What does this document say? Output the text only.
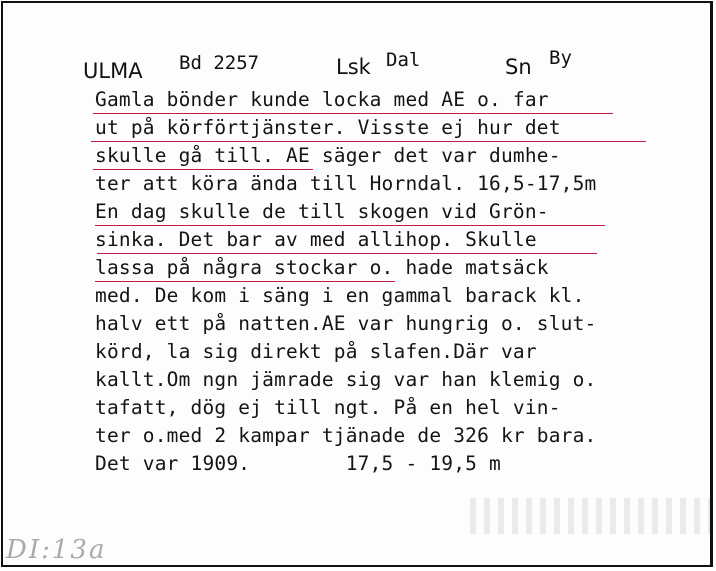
ULMA Bd 2257	Lsk Dal	Sn By
Gamla bönder kunde locka med AE o. far
ut på körförtjänster. Visste ej hur det
skulle gå till. AE säger det var dumhe-
ter att köra ända till Horndal. 16,5-17,5m
En dag skulle de till skogen vid Grön-
sinka. Det bar av med allihop. Skulle
lassa på några stockar o. hade matsäck
med. De kom i säng i en gammal barack kl.
halv ett på natten.AE var hungrig o. slut-
körd, la sig direkt på slafen.Där var
kallt.Om ngn jämrade sig var han klemig o.
tafatt, dög ej till ngt. På en hel vin-
ter o.med 2 kampar tjänade de 326 kr bara.
Det var 1909.        17,5 - 19,5 m
DI:13a
